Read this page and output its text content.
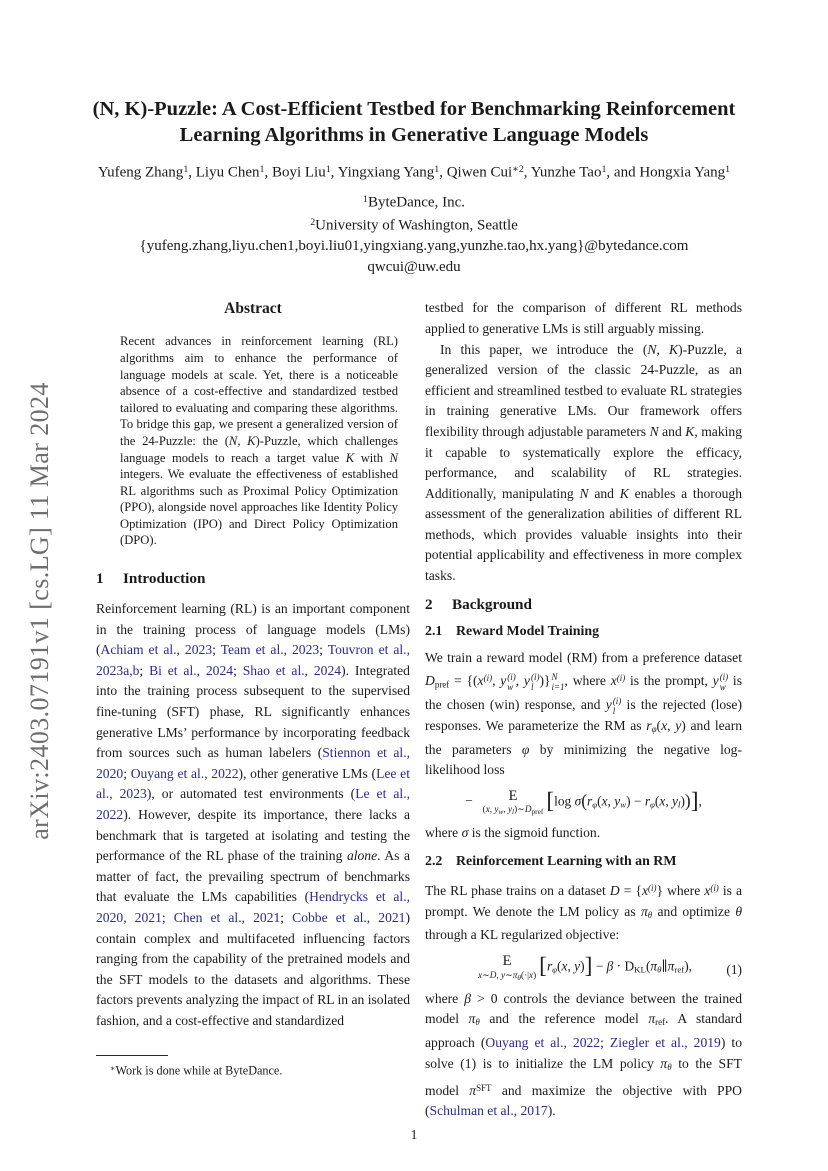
arXiv:2403.07191v1 [cs.LG] 11 Mar 2024
(N, K)-Puzzle: A Cost-Efficient Testbed for Benchmarking Reinforcement Learning Algorithms in Generative Language Models
Yufeng Zhang$^1$, Liyu Chen$^1$, Boyi Liu$^1$, Yingxiang Yang$^1$, Qiwen Cui$^{∗2}$, Yunzhe Tao$^1$, and Hongxia Yang$^1$
$^1$ByteDance, Inc.
$^2$University of Washington, Seattle
{yufeng.zhang,liyu.chen1,boyi.liu01,yingxiang.yang,yunzhe.tao,hx.yang}@bytedance.com
qwcui@uw.edu
Abstract

Recent advances in reinforcement learning (RL) algorithms aim to enhance the performance of language models at scale. Yet, there is a noticeable absence of a cost-effective and standardized testbed tailored to evaluating and comparing these algorithms. To bridge this gap, we present a generalized version of the 24-Puzzle: the (N, K)-Puzzle, which challenges language models to reach a target value K with N integers. We evaluate the effectiveness of established RL algorithms such as Proximal Policy Optimization (PPO), alongside novel approaches like Identity Policy Optimization (IPO) and Direct Policy Optimization (DPO).

1	Introduction

Reinforcement learning (RL) is an important component in the training process of language models (LMs) (Achiam et al., 2023; Team et al., 2023; Touvron et al., 2023a,b; Bi et al., 2024; Shao et al., 2024). Integrated into the training process subsequent to the supervised fine-tuning (SFT) phase, RL significantly enhances generative LMs’ performance by incorporating feedback from sources such as human labelers (Stiennon et al., 2020; Ouyang et al., 2022), other generative LMs (Lee et al., 2023), or automated test environments (Le et al., 2022). However, despite its importance, there lacks a benchmark that is targeted at isolating and testing the performance of the RL phase of the training alone. As a matter of fact, the prevailing spectrum of benchmarks that evaluate the LMs capabilities (Hendrycks et al., 2020, 2021; Chen et al., 2021; Cobbe et al., 2021) contain complex and multifaceted influencing factors ranging from the capability of the pretrained models and the SFT models to the datasets and algorithms. These factors prevents analyzing the impact of RL in an isolated fashion, and a cost-effective and standardized

testbed for the comparison of different RL methods applied to generative LMs is still arguably missing.

In this paper, we introduce the (N, K)-Puzzle, a generalized version of the classic 24-Puzzle, as an efficient and streamlined testbed to evaluate RL strategies in training generative LMs. Our framework offers flexibility through adjustable parameters N and K, making it capable to systematically explore the efficacy, performance, and scalability of RL strategies. Additionally, manipulating N and K enables a thorough assessment of the generalization abilities of different RL methods, which provides valuable insights into their potential applicability and effectiveness in more complex tasks.

2	Background
2.1 Reward Model Training

We train a reward model (RM) from a preference dataset Dpref = {($x^{(i)}$, y (i)
w , y (i)
l )} N
i=1 , where $x^{(i)}$ is the prompt, y (i)
w is the chosen (win) response, and y (i)
l is the rejected (lose) responses. We parameterize the RM as rφ(x, y) and learn the parameters φ by minimizing the negative log-likelihood loss

− E
(x, $y_w$, $y_l)\sim D_{pref}$ [log σ(rφ(x, yw) − rφ(x, yl))],

where σ is the sigmoid function.

2.2 Reinforcement Learning with an RM

The RL phase trains on a dataset $D = \{x^{(i)}\}$ where $x^{(i)}$ is a prompt. We denote the LM policy as πθ and optimize θ through a KL regularized objective:

E
x∼D, $y\sim\pi_\theta(\cdot|x)$ [rφ(x, y)] − β · DKL(πθ∥πref),	(1)

where β > 0 controls the deviance between the trained model πθ and the reference model πref. A standard approach (Ouyang et al., 2022; Ziegler et al., 2019) to solve (1) is to initialize the LM policy πθ to the SFT model $\pi^{SFT}$ and maximize the objective with PPO (Schulman et al., 2017).

∗Work is done while at ByteDance.
1
